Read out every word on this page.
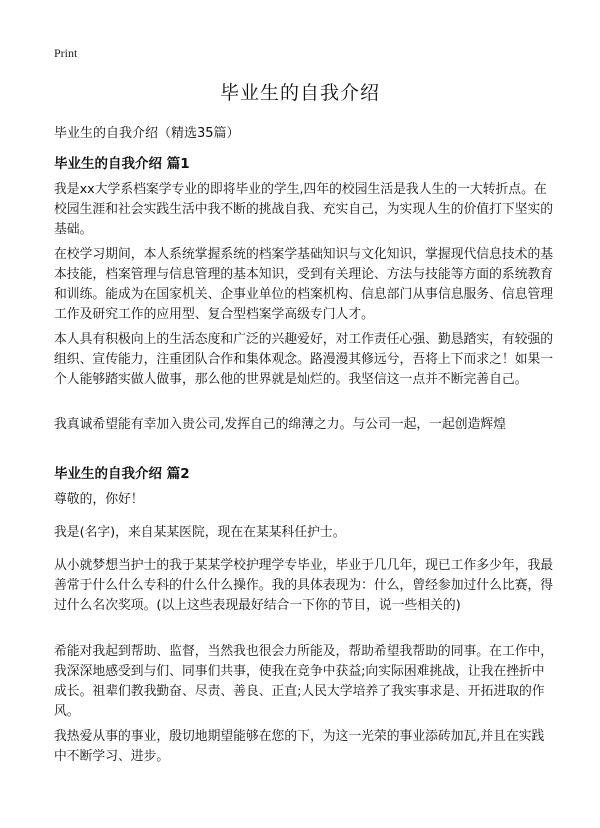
Print
毕业生的自我介绍

毕业生的自我介绍（精选35篇）

毕业生的自我介绍 篇1

我是xx大学系档案学专业的即将毕业的学生,四年的校园生活是我人生的一大转折点。在校园生涯和社会实践生活中我不断的挑战自我、充实自己，为实现人生的价值打下坚实的基础。

在校学习期间，本人系统掌握系统的档案学基础知识与文化知识，掌握现代信息技术的基本技能，档案管理与信息管理的基本知识，受到有关理论、方法与技能等方面的系统教育和训练。能成为在国家机关、企事业单位的档案机构、信息部门从事信息服务、信息管理工作及研究工作的应用型、复合型档案学高级专门人才。

本人具有积极向上的生活态度和广泛的兴趣爱好，对工作责任心强、勤恳踏实，有较强的组织、宣传能力，注重团队合作和集体观念。路漫漫其修远兮，吾将上下而求之！如果一个人能够踏实做人做事，那么他的世界就是灿烂的。我坚信这一点并不断完善自己。

我真诚希望能有幸加入贵公司,发挥自己的绵薄之力。与公司一起，一起创造辉煌

毕业生的自我介绍 篇2

尊敬的，你好！

我是(名字)，来自某某医院，现在在某某科任护士。

从小就梦想当护士的我于某某学校护理学专毕业，毕业于几几年，现已工作多少年，我最善常于什么什么专科的什么什么操作。我的具体表现为：什么，曾经参加过什么比赛，得过什么名次奖项。(以上这些表现最好结合一下你的节目，说一些相关的)

希能对我起到帮助、监督，当然我也很会力所能及，帮助希望我帮助的同事。在工作中，我深深地感受到与们、同事们共事，使我在竞争中获益;向实际困难挑战，让我在挫折中成长。祖辈们教我勤奋、尽责、善良、正直;人民大学培养了我实事求是、开拓进取的作风。

我热爱从事的事业，殷切地期望能够在您的下，为这一光荣的事业添砖加瓦,并且在实践中不断学习、进步。
